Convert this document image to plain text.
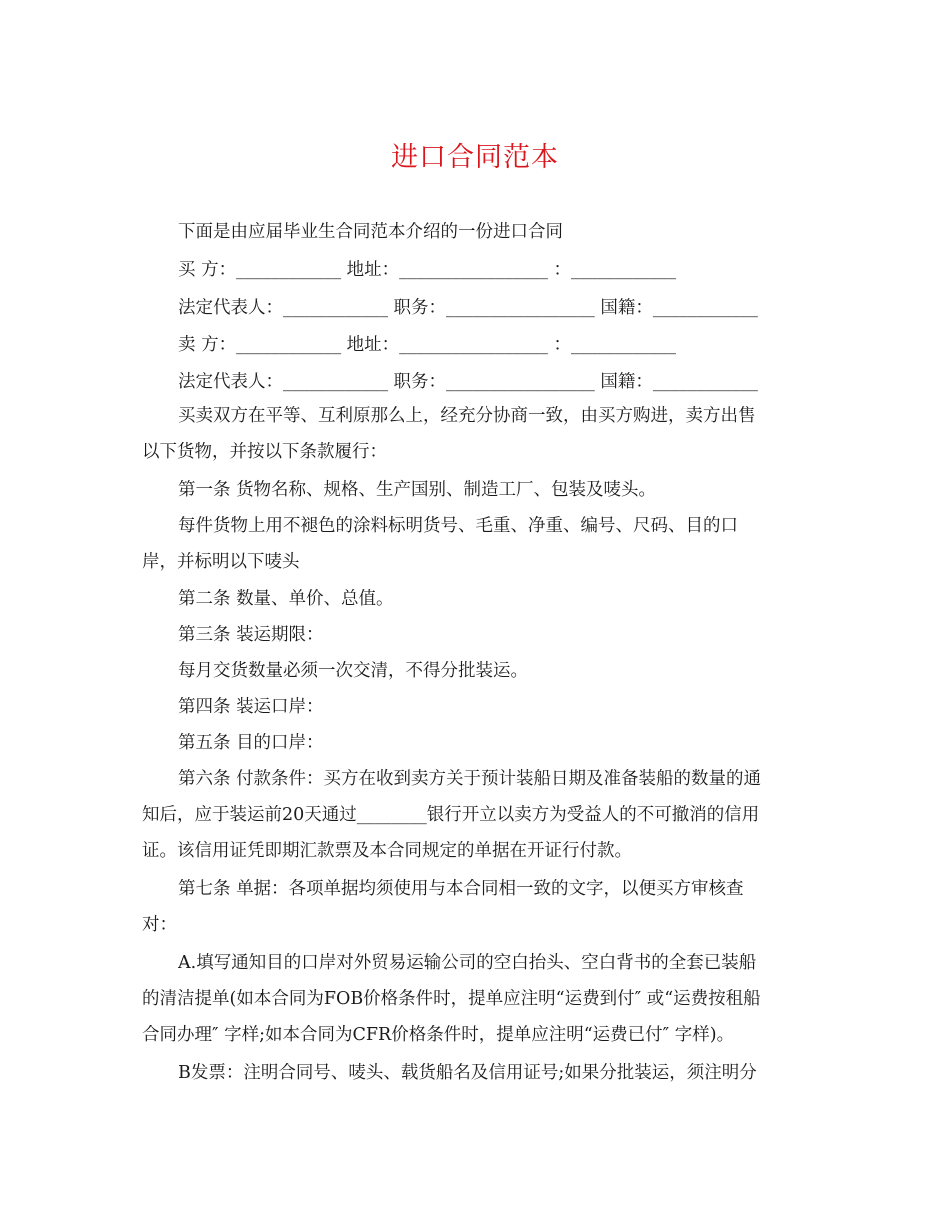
进口合同范本
下面是由应届毕业生合同范本介绍的一份进口合同
买 方：____________ 地址：_________________ ：____________
法定代表人：____________ 职务：_________________ 国籍：____________
卖 方：____________ 地址：_________________ ：____________
法定代表人：____________ 职务：_________________ 国籍：____________
买卖双方在平等、互利原那么上，经充分协商一致，由买方购进，卖方出售
以下货物，并按以下条款履行：
第一条 货物名称、规格、生产国别、制造工厂、包装及唛头。
每件货物上用不褪色的涂料标明货号、毛重、净重、编号、尺码、目的口
岸，并标明以下唛头
第二条 数量、单价、总值。
第三条 装运期限：
每月交货数量必须一次交清，不得分批装运。
第四条 装运口岸：
第五条 目的口岸：
第六条 付款条件：买方在收到卖方关于预计装船日期及准备装船的数量的通
知后，应于装运前20天通过________银行开立以卖方为受益人的不可撤消的信用
证。该信用证凭即期汇款票及本合同规定的单据在开证行付款。
第七条 单据：各项单据均须使用与本合同相一致的文字，以便买方审核查
对：
A.填写通知目的口岸对外贸易运输公司的空白抬头、空白背书的全套已装船
的清洁提单(如本合同为FOB价格条件时，提单应注明“运费到付″ 或“运费按租船
合同办理″ 字样;如本合同为CFR价格条件时，提单应注明“运费已付″ 字样)。
B发票：注明合同号、唛头、载货船名及信用证号;如果分批装运，须注明分
